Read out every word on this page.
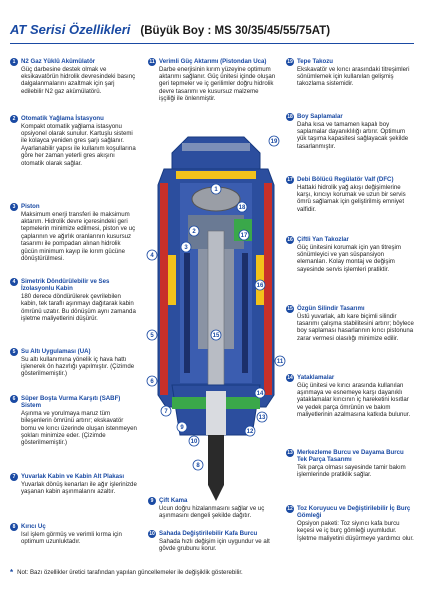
AT Serisi Özellikleri (Büyük Boy : MS 30/35/45/55/75AT)
1 N2 Gaz Yüklü Akümülatör
Güç darbesine destek olmak ve eksikavatörün hidrolik devresindeki basınç dalgalanmalarını azaltmak için şarj edilebilir N2 gaz akümülatörü.
2 Otomatik Yağlama İstasyonu
Kompakt otomatik yağlama istasyonu opsiyonel olarak sunulur. Kartuşlu sistemi ile kolayca yeniden gres şarjı sağlanır. Ayarlanabilir yapısı ile kullanım koşullarına göre her zaman yeterli gres akışını otomatik olarak sağlar.
3 Piston
Maksimum enerji transferi ile maksimum aktarım. Hidrolik devre içeresindeki geri tepmelerin minimize edilmesi, piston ve uç çaplarının ve ağırlık oranlarının kusursuz tasarımı ile pompadan alınan hidrolik gücün minimum kayıp ile kırım gücüne dönüştürülmesi.
4 Simetrik Döndürülebilir ve Ses İzolasyonlu Kabin
180 derece döndürülerek çevrilebilen kabin, tek taraflı aşınmayı dağıtarak kabin ömrünü uzatır. Bu dönüşüm aynı zamanda işletme maliyetlerini düşürür.
5 Su Altı Uygulaması (UA)
Su altı kullanımına yönelik iç hava hattı işlenerek ön hazırlığı yapılmıştır. (Çizimde gösterilmemiştir.)
6 Süper Boşta Vurma Karşıtı (SABF) Sistem
Aşınma ve yorulmaya maruz tüm bileşenlerin ömrünü artırır; ekskavatör bomu ve kırıcı üzerinde oluşan istenmeyen şokları minimize eder. (Çizimde gösterilmemiştir.)
7 Yuvarlak Kabin ve Kabin Alt Plakası
Yuvarlak dönüş kenarları ile ağır işlerinizde yaşanan kabin aşınmalarını azaltır.
8 Kırıcı Uç
Isıl işlem görmüş ve verimli kırma için optimum uzunluktadır.
11 Verimli Güç Aktarımı (Pistondan Uca)
Darbe enerjisinin kırım yüzeyine optimum aktarımı sağlanır. Güç ünitesi içinde oluşan geri tepmeler ve iç gerilimler doğru hidrolik devre tasarımı ve kusursuz malzeme işçiliği ile önlenmiştir.
9 Çift Kama
Ucun doğru hizalanmasını sağlar ve uç aşınmasını dengeli şekilde dağıtır.
10 Sahada Değiştirilebilir Kafa Burcu
Sahada hızlı değişim için uygundur ve alt gövde grubunu korur.
19 Tepe Takozu
Ekskavatör ve kırıcı arasındaki titreşimleri sönümlemek için kullanılan gelişmiş takozlama sistemidir.
18 Boy Saplamalar
Daha kısa ve tamamen kapalı boy saplamalar dayanıklılığı artırır. Optimum yük taşıma kapasitesi sağlayacak şekilde tasarlanmıştır.
17 Debi Bölücü Regülatör Valf (DFC)
Hattaki hidrolik yağ akışı değişimlerine karşı, kırıcıyı korumak ve uzun bir servis ömrü sağlamak için geliştirilmiş emniyet valfidir.
16 Çiftli Yan Takozlar
Güç ünitesini korumak için yan titreşim sönümleyici ve yan süspansiyon elemanları. Kolay montaj ve değişim sayesinde servis işlemleri pratiktir.
15 Özgün Silindir Tasarımı
Üstü yuvarlak, altı kare biçimli silindir tasarımı çalışma stabilitesini artırır; böylece boy saplaması hasarlarının kırıcı pistonuna zarar vermesi olasılığı minimize edilir.
14 Yataklamalar
Güç ünitesi ve kırıcı arasında kullanılan aşınmaya ve esnemeye karşı dayanıklı yataklamalar kırıcının iç hareketini kısıtlar ve yedek parça ömrünün ve bakım maliyetlerinin azalmasına katkıda bulunur.
13 Merkezleme Burcu ve Dayama Burcu Tek Parça Tasarımı
Tek parça olması sayesinde tamir bakım işlemlerinde pratiklik sağlar.
12 Toz Koruyucu ve Değiştirilebilir İç Burç Gömleği
Opsiyon paketi: Toz siyırıcı kafa burcu keçesi ve iç burç gömleği uyumludur. İşletme maliyetini düşürmeye yardımcı olur.
19
1
18
2
17
3
4
16
15
5
11
6
14
7
13
9
12
10
8
* Not: Bazı özellikler üretici tarafından yapılan güncellemeler ile değişiklik gösterebilir.
